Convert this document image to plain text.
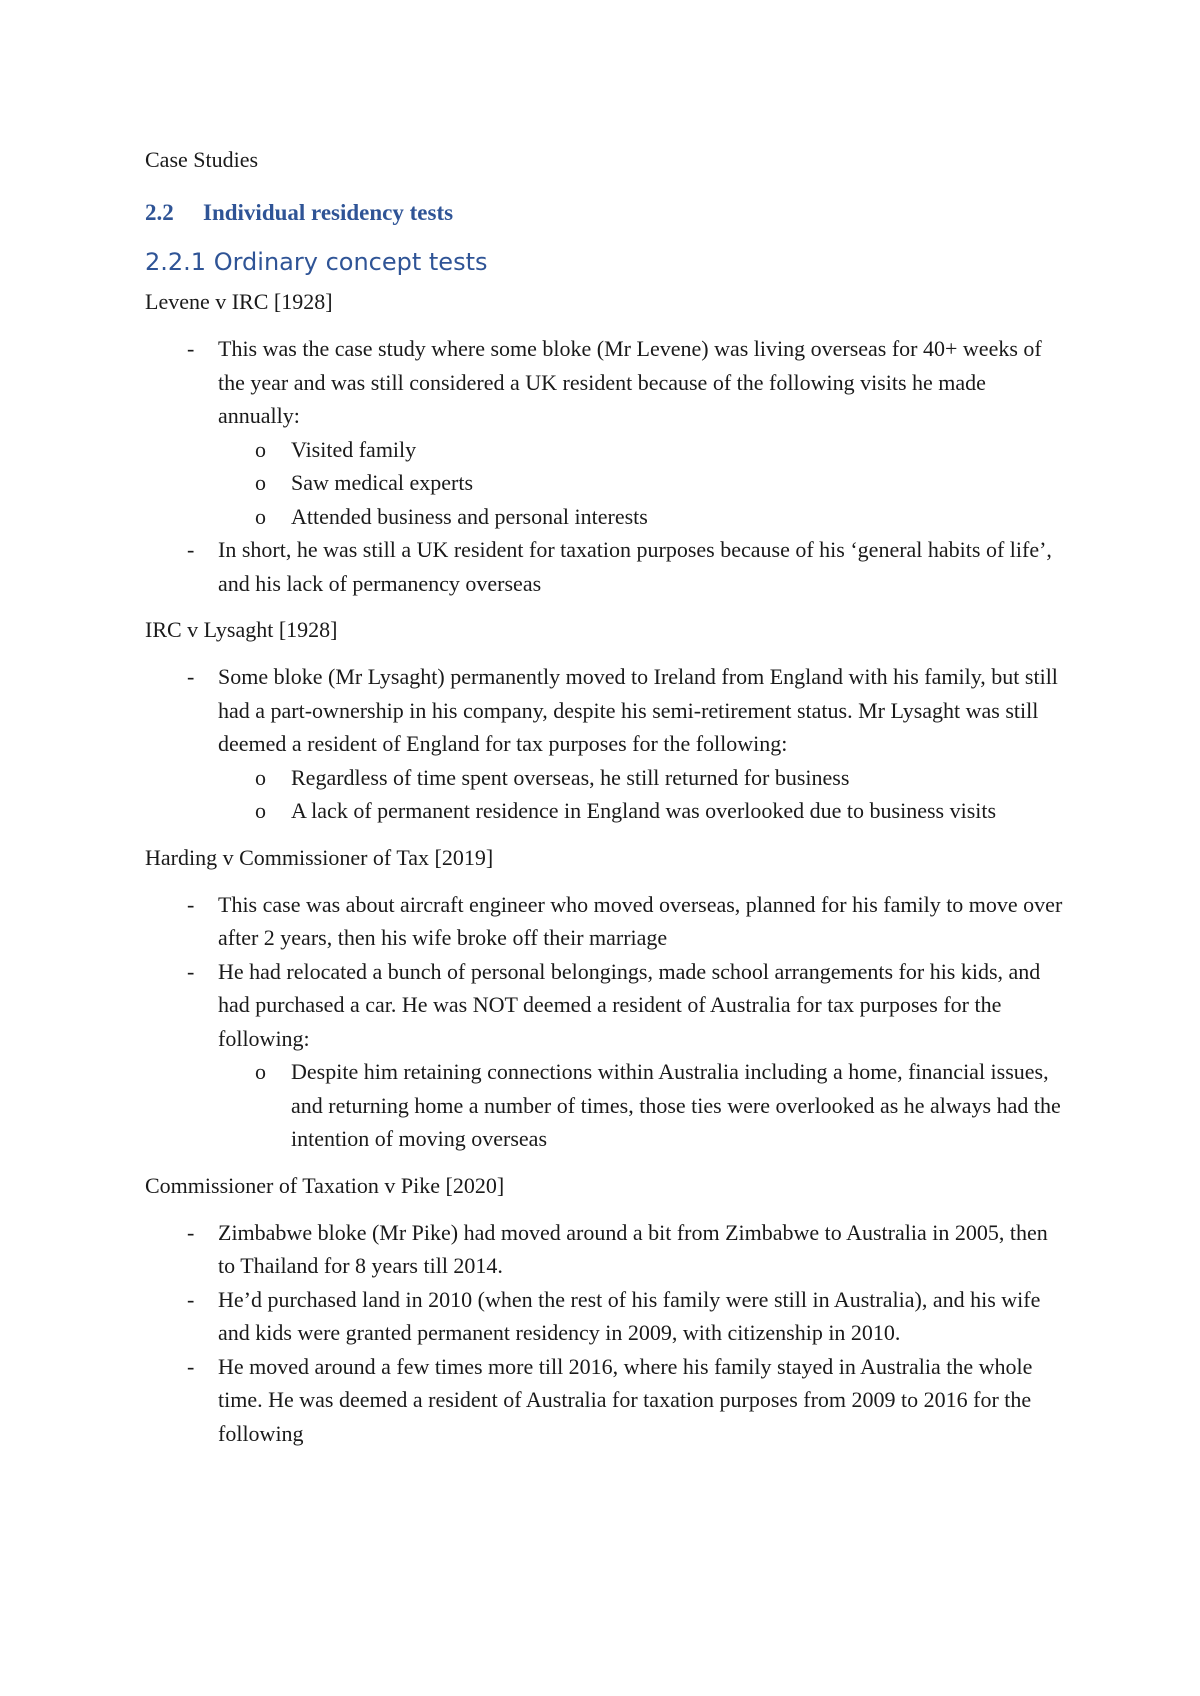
Case Studies
2.2	Individual residency tests
2.2.1 Ordinary concept tests
Levene v IRC [1928]
- This was the case study where some bloke (Mr Levene) was living overseas for 40+ weeks of the year and was still considered a UK resident because of the following visits he made annually:
o Visited family
o Saw medical experts
o Attended business and personal interests
- In short, he was still a UK resident for taxation purposes because of his ‘general habits of life’, and his lack of permanency overseas
IRC v Lysaght [1928]
- Some bloke (Mr Lysaght) permanently moved to Ireland from England with his family, but still had a part-ownership in his company, despite his semi-retirement status. Mr Lysaght was still deemed a resident of England for tax purposes for the following:
o Regardless of time spent overseas, he still returned for business
o A lack of permanent residence in England was overlooked due to business visits
Harding v Commissioner of Tax [2019]
- This case was about aircraft engineer who moved overseas, planned for his family to move over after 2 years, then his wife broke off their marriage
- He had relocated a bunch of personal belongings, made school arrangements for his kids, and had purchased a car. He was NOT deemed a resident of Australia for tax purposes for the following:
o Despite him retaining connections within Australia including a home, financial issues, and returning home a number of times, those ties were overlooked as he always had the intention of moving overseas
Commissioner of Taxation v Pike [2020]
- Zimbabwe bloke (Mr Pike) had moved around a bit from Zimbabwe to Australia in 2005, then to Thailand for 8 years till 2014.
- He’d purchased land in 2010 (when the rest of his family were still in Australia), and his wife and kids were granted permanent residency in 2009, with citizenship in 2010.
- He moved around a few times more till 2016, where his family stayed in Australia the whole time. He was deemed a resident of Australia for taxation purposes from 2009 to 2016 for the following
